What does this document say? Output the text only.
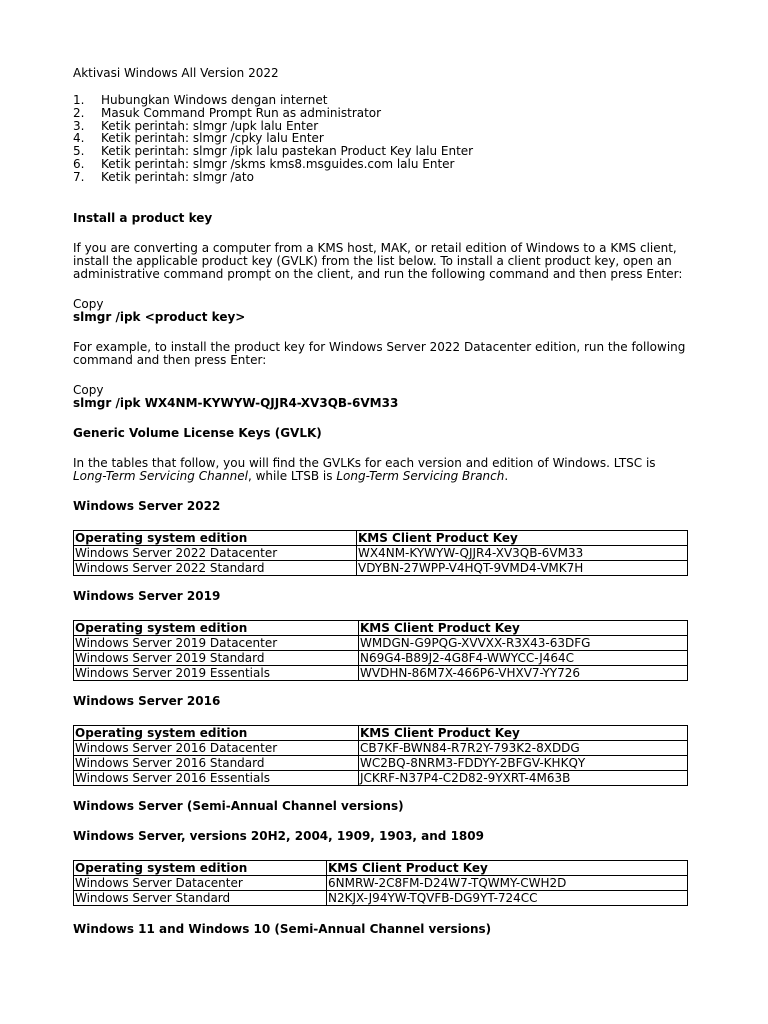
Aktivasi Windows All Version 2022

1.	Hubungkan Windows dengan internet
2.	Masuk Command Prompt Run as administrator
3.	Ketik perintah: slmgr /upk lalu Enter
4.	Ketik perintah: slmgr /cpky lalu Enter
5.	Ketik perintah: slmgr /ipk lalu pastekan Product Key lalu Enter
6.	Ketik perintah: slmgr /skms kms8.msguides.com lalu Enter
7.	Ketik perintah: slmgr /ato

Install a product key

If you are converting a computer from a KMS host, MAK, or retail edition of Windows to a KMS client, install the applicable product key (GVLK) from the list below. To install a client product key, open an administrative command prompt on the client, and run the following command and then press Enter:

Copy

slmgr /ipk <product key>

For example, to install the product key for Windows Server 2022 Datacenter edition, run the following command and then press Enter:

Copy

slmgr /ipk WX4NM-KYWYW-QJJR4-XV3QB-6VM33

Generic Volume License Keys (GVLK)

In the tables that follow, you will find the GVLKs for each version and edition of Windows. LTSC is Long-Term Servicing Channel, while LTSB is Long-Term Servicing Branch.

Windows Server 2022

Operating system edition	KMS Client Product Key
Windows Server 2022 Datacenter	WX4NM-KYWYW-QJJR4-XV3QB-6VM33
Windows Server 2022 Standard	VDYBN-27WPP-V4HQT-9VMD4-VMK7H

Windows Server 2019

Operating system edition	KMS Client Product Key
Windows Server 2019 Datacenter	WMDGN-G9PQG-XVVXX-R3X43-63DFG
Windows Server 2019 Standard	N69G4-B89J2-4G8F4-WWYCC-J464C
Windows Server 2019 Essentials	WVDHN-86M7X-466P6-VHXV7-YY726

Windows Server 2016

Operating system edition	KMS Client Product Key
Windows Server 2016 Datacenter	CB7KF-BWN84-R7R2Y-793K2-8XDDG
Windows Server 2016 Standard	WC2BQ-8NRM3-FDDYY-2BFGV-KHKQY
Windows Server 2016 Essentials	JCKRF-N37P4-C2D82-9YXRT-4M63B

Windows Server (Semi-Annual Channel versions)

Windows Server, versions 20H2, 2004, 1909, 1903, and 1809

Operating system edition	KMS Client Product Key
Windows Server Datacenter	6NMRW-2C8FM-D24W7-TQWMY-CWH2D
Windows Server Standard	N2KJX-J94YW-TQVFB-DG9YT-724CC

Windows 11 and Windows 10 (Semi-Annual Channel versions)
